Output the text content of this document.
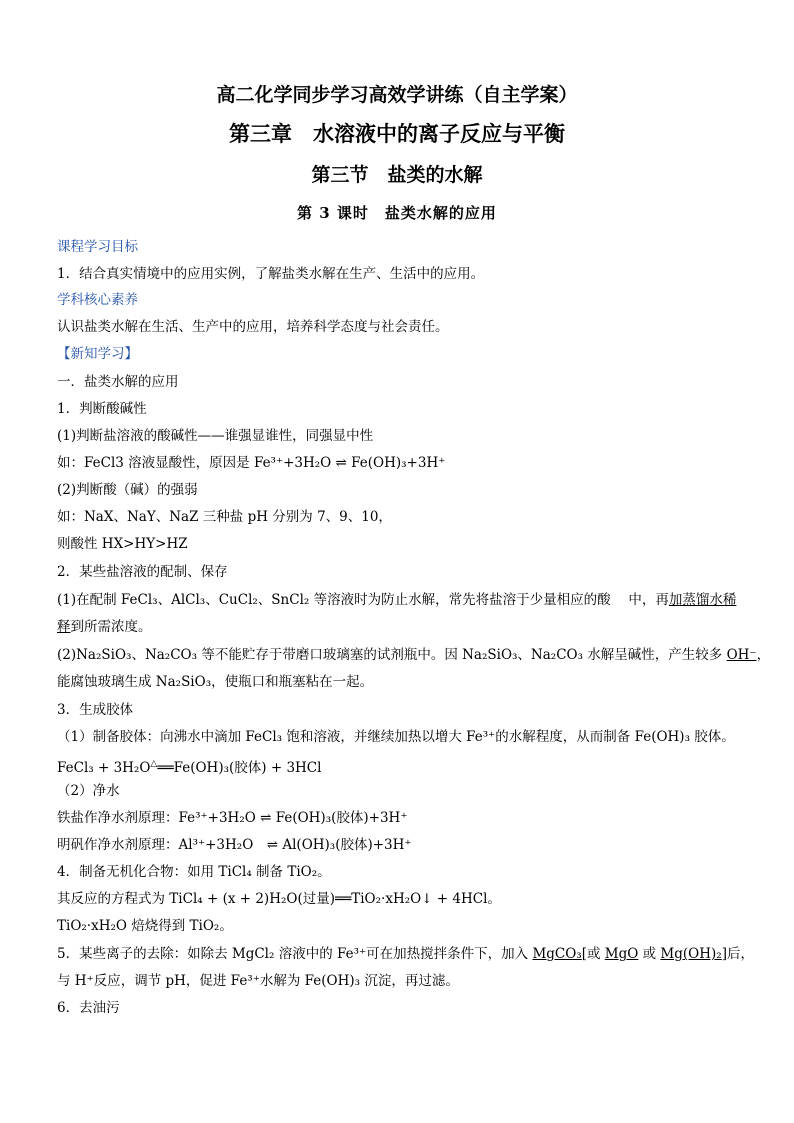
高二化学同步学习高效学讲练（自主学案）
第三章　水溶液中的离子反应与平衡
第三节　盐类的水解
第 3 课时　盐类水解的应用
课程学习目标
1．结合真实情境中的应用实例，了解盐类水解在生产、生活中的应用。
学科核心素养
认识盐类水解在生活、生产中的应用，培养科学态度与社会责任。
【新知学习】
一．盐类水解的应用
1．判断酸碱性
(1)判断盐溶液的酸碱性——谁强显谁性，同强显中性
如：FeCl3 溶液显酸性，原因是 Fe³⁺+3H₂O ⇌ Fe(OH)₃+3H⁺
(2)判断酸（碱）的强弱
如：NaX、NaY、NaZ 三种盐 pH 分别为 7、9、10，
则酸性 HX>HY>HZ
2．某些盐溶液的配制、保存
(1)在配制 FeCl₃、AlCl₃、CuCl₂、SnCl₂ 等溶液时为防止水解，常先将盐溶于少量相应的酸　 中，再加蒸馏水稀
释到所需浓度。
(2)Na₂SiO₃、Na₂CO₃ 等不能贮存于带磨口玻璃塞的试剂瓶中。因 Na₂SiO₃、Na₂CO₃ 水解呈碱性，产生较多 OH⁻，
能腐蚀玻璃生成 Na₂SiO₃，使瓶口和瓶塞粘在一起。
3．生成胶体
（1）制备胶体：向沸水中滴加 FeCl₃ 饱和溶液，并继续加热以增大 Fe³⁺的水解程度，从而制备 Fe(OH)₃ 胶体。
FeCl₃ + 3H₂O△══Fe(OH)₃(胶体) + 3HCl
（2）净水
铁盐作净水剂原理：Fe³⁺+3H₂O ⇌ Fe(OH)₃(胶体)+3H⁺
明矾作净水剂原理：Al³⁺+3H₂O　⇌ Al(OH)₃(胶体)+3H⁺
4．制备无机化合物：如用 TiCl₄ 制备 TiO₂。
其反应的方程式为 TiCl₄ + (x + 2)H₂O(过量)══TiO₂·xH₂O↓ + 4HCl。
TiO₂·xH₂O 焙烧得到 TiO₂。
5．某些离子的去除：如除去 MgCl₂ 溶液中的 Fe³⁺可在加热搅拌条件下，加入 MgCO₃[或 MgO 或 Mg(OH)₂]后，
与 H⁺反应，调节 pH，促进 Fe³⁺水解为 Fe(OH)₃ 沉淀，再过滤。
6．去油污
